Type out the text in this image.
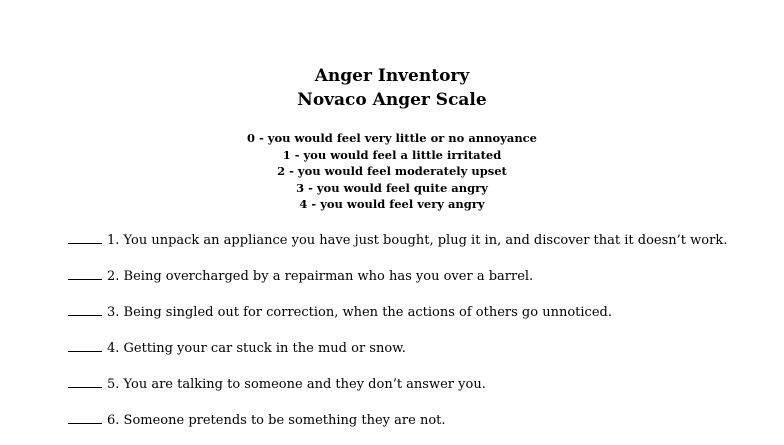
Anger Inventory
Novaco Anger Scale
0 - you would feel very little or no annoyance
1 - you would feel a little irritated
2 - you would feel moderately upset
3 - you would feel quite angry
4 - you would feel very angry
1. You unpack an appliance you have just bought, plug it in, and discover that it doesn’t work.
2. Being overcharged by a repairman who has you over a barrel.
3. Being singled out for correction, when the actions of others go unnoticed.
4. Getting your car stuck in the mud or snow.
5. You are talking to someone and they don’t answer you.
6. Someone pretends to be something they are not.
